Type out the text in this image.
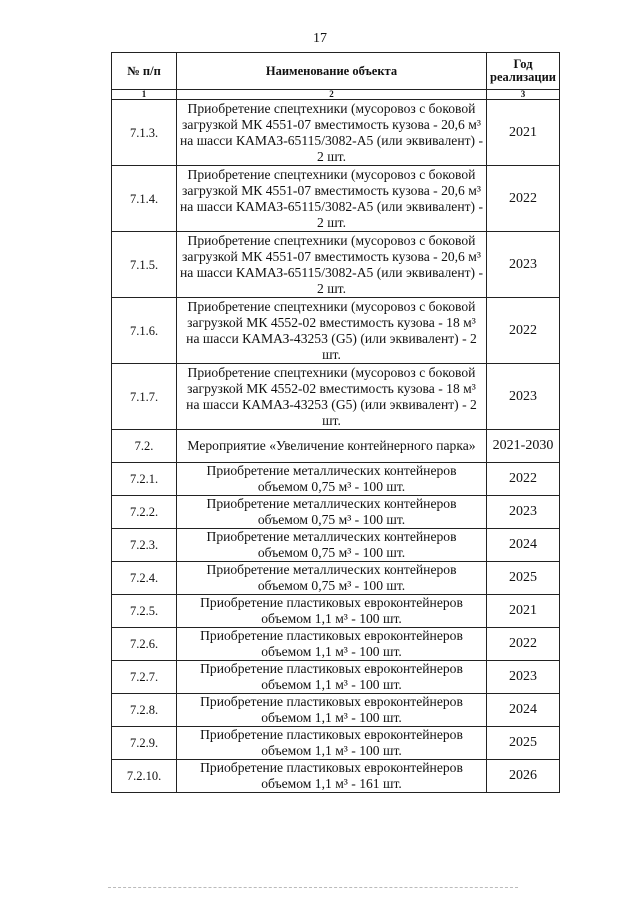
17
№ п/п	Наименование объекта	Год реализации
1	2	3
7.1.3.	Приобретение спецтехники (мусоровоз с боковой загрузкой МК 4551-07 вместимость кузова - 20,6 м³ на шасси КАМАЗ-65115/3082-А5 (или эквивалент) - 2 шт.	2021
7.1.4.	Приобретение спецтехники (мусоровоз с боковой загрузкой МК 4551-07 вместимость кузова - 20,6 м³ на шасси КАМАЗ-65115/3082-А5 (или эквивалент) - 2 шт.	2022
7.1.5.	Приобретение спецтехники (мусоровоз с боковой загрузкой МК 4551-07 вместимость кузова - 20,6 м³ на шасси КАМАЗ-65115/3082-А5 (или эквивалент) - 2 шт.	2023
7.1.6.	Приобретение спецтехники (мусоровоз с боковой загрузкой МК 4552-02 вместимость кузова - 18 м³ на шасси КАМАЗ-43253 (G5) (или эквивалент) - 2 шт.	2022
7.1.7.	Приобретение спецтехники (мусоровоз с боковой загрузкой МК 4552-02 вместимость кузова - 18 м³ на шасси КАМАЗ-43253 (G5) (или эквивалент) - 2 шт.	2023
7.2.	Мероприятие «Увеличение контейнерного парка»	2021-2030
7.2.1.	Приобретение металлических контейнеров объемом 0,75 м³ - 100 шт.	2022
7.2.2.	Приобретение металлических контейнеров объемом 0,75 м³ - 100 шт.	2023
7.2.3.	Приобретение металлических контейнеров объемом 0,75 м³ - 100 шт.	2024
7.2.4.	Приобретение металлических контейнеров объемом 0,75 м³ - 100 шт.	2025
7.2.5.	Приобретение пластиковых евроконтейнеров объемом 1,1 м³ - 100 шт.	2021
7.2.6.	Приобретение пластиковых евроконтейнеров объемом 1,1 м³ - 100 шт.	2022
7.2.7.	Приобретение пластиковых евроконтейнеров объемом 1,1 м³ - 100 шт.	2023
7.2.8.	Приобретение пластиковых евроконтейнеров объемом 1,1 м³ - 100 шт.	2024
7.2.9.	Приобретение пластиковых евроконтейнеров объемом 1,1 м³ - 100 шт.	2025
7.2.10.	Приобретение пластиковых евроконтейнеров объемом 1,1 м³ - 161 шт.	2026
